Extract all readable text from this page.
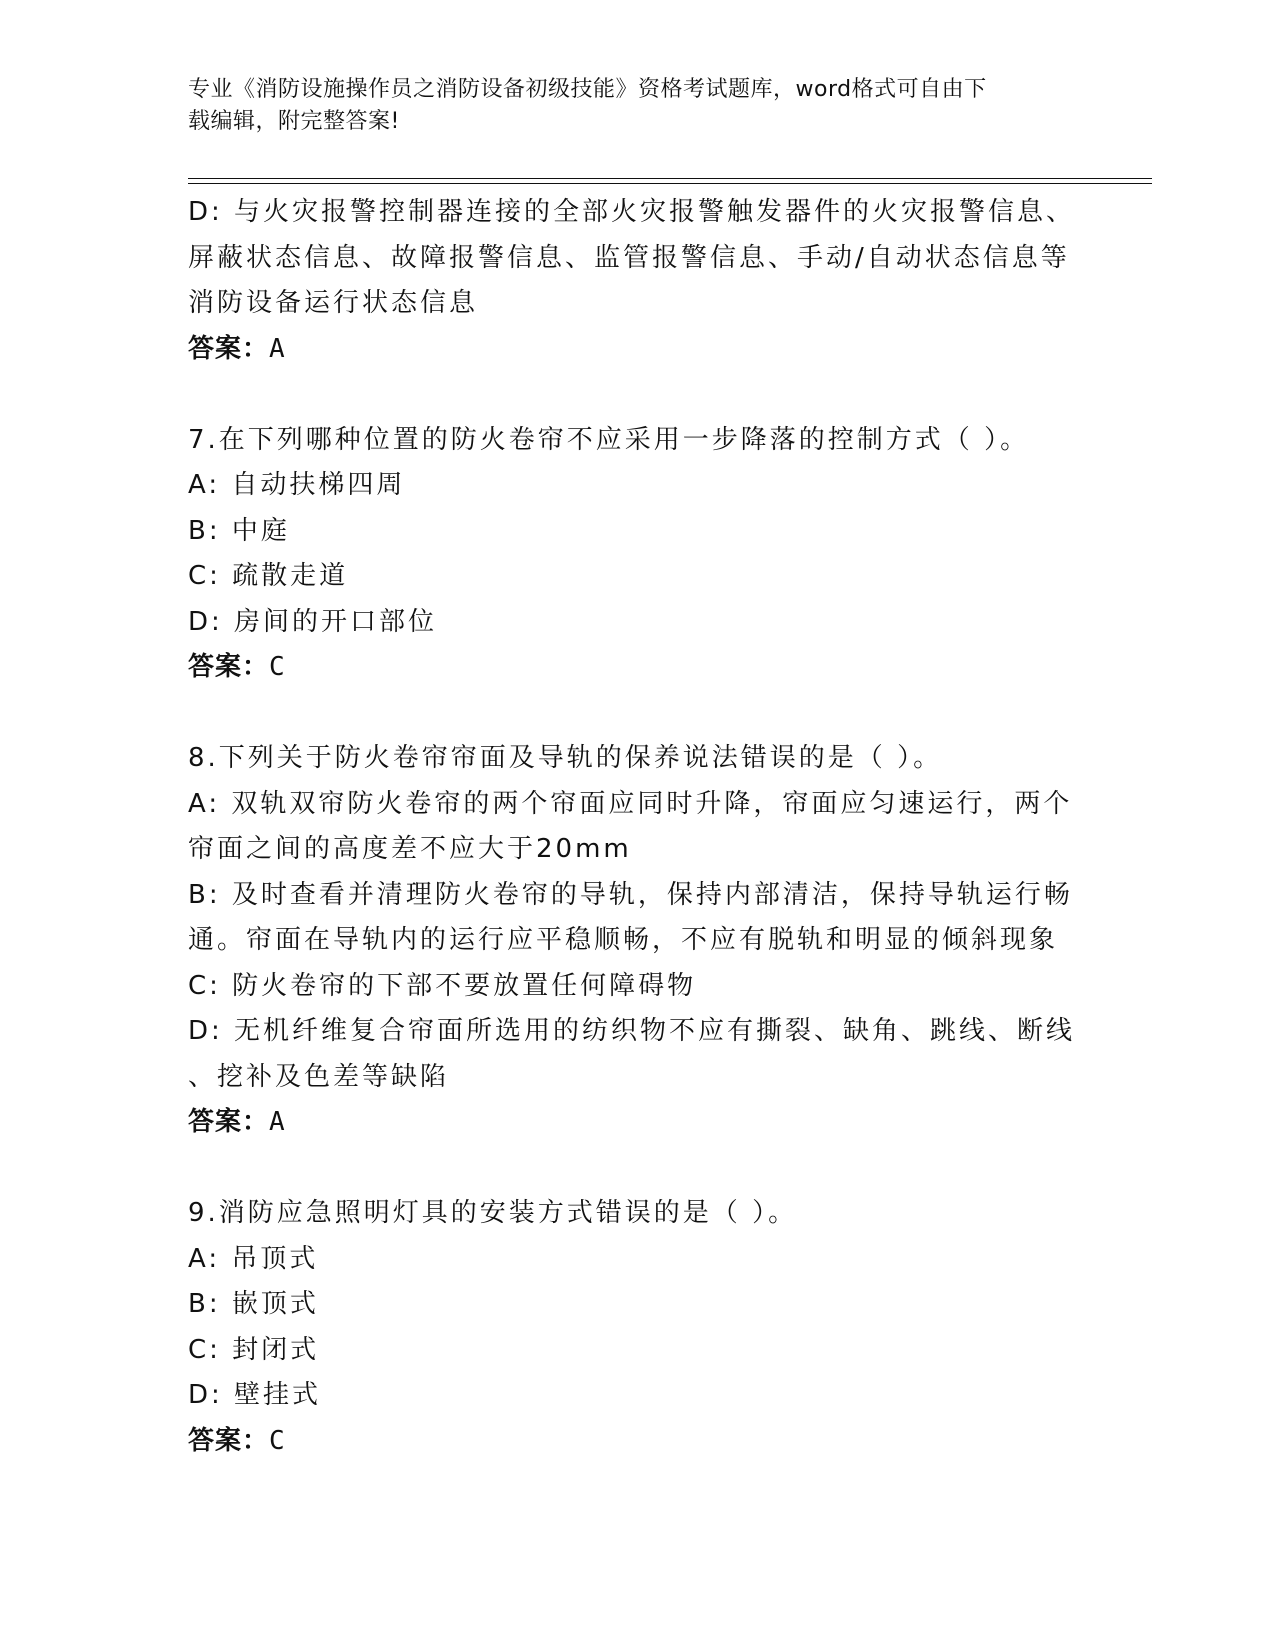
专业《消防设施操作员之消防设备初级技能》资格考试题库，word格式可自由下
载编辑，附完整答案!
D: 与火灾报警控制器连接的全部火灾报警触发器件的火灾报警信息、
屏蔽状态信息、故障报警信息、监管报警信息、手动/自动状态信息等
消防设备运行状态信息
答案：A
7.在下列哪种位置的防火卷帘不应采用一步降落的控制方式（ ）。
A: 自动扶梯四周
B: 中庭
C: 疏散走道
D: 房间的开口部位
答案：C
8.下列关于防火卷帘帘面及导轨的保养说法错误的是（ ）。
A: 双轨双帘防火卷帘的两个帘面应同时升降，帘面应匀速运行，两个
帘面之间的高度差不应大于20mm
B: 及时查看并清理防火卷帘的导轨，保持内部清洁，保持导轨运行畅
通。帘面在导轨内的运行应平稳顺畅，不应有脱轨和明显的倾斜现象
C: 防火卷帘的下部不要放置任何障碍物
D: 无机纤维复合帘面所选用的纺织物不应有撕裂、缺角、跳线、断线
、挖补及色差等缺陷
答案：A
9.消防应急照明灯具的安装方式错误的是（ ）。
A: 吊顶式
B: 嵌顶式
C: 封闭式
D: 壁挂式
答案：C
